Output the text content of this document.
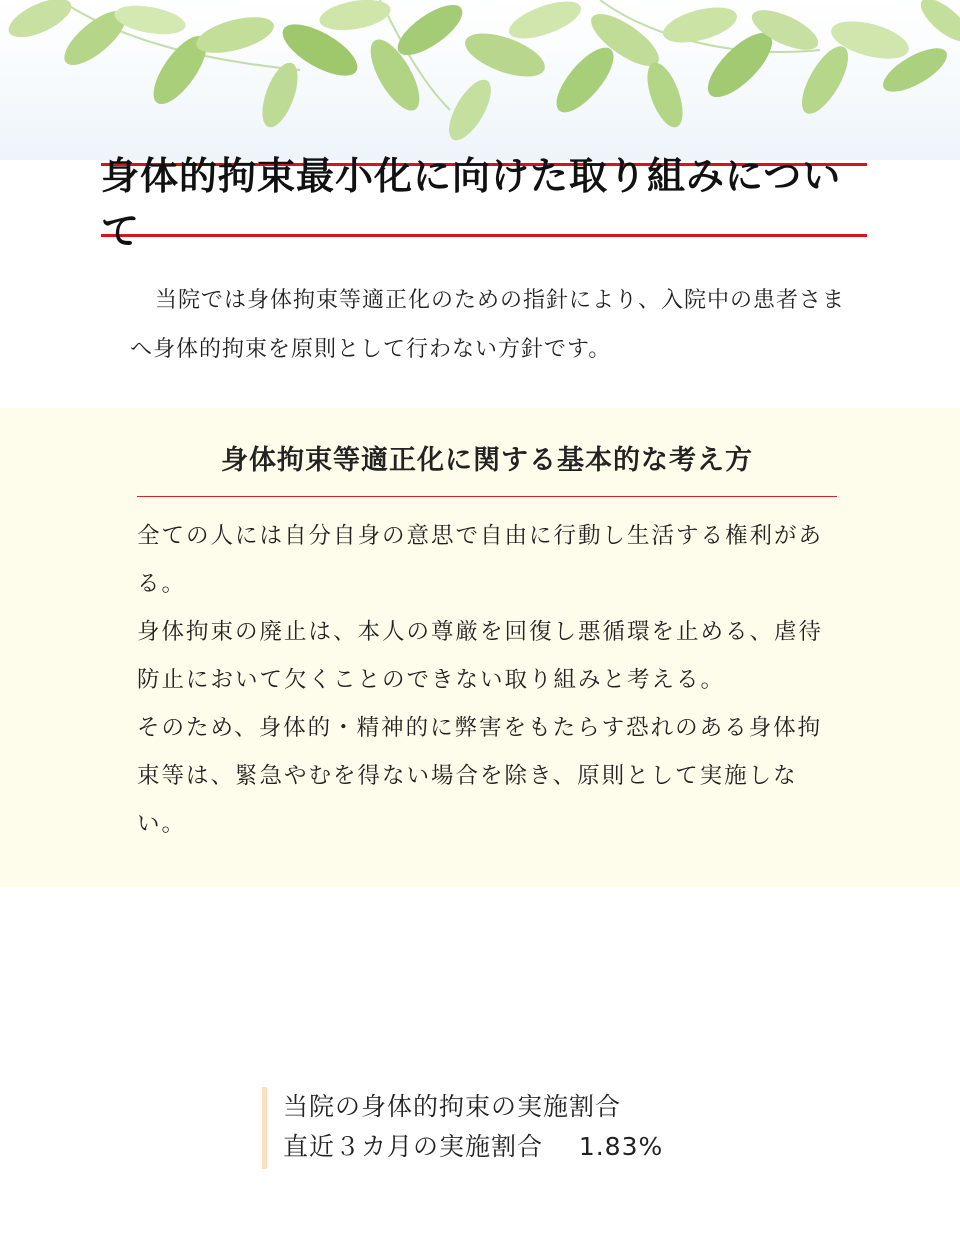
身体的拘束最小化に向けた取り組みについて

当院では身体拘束等適正化のための指針により、入院中の患者さまへ身体的拘束を原則として行わない方針です。

身体拘束等適正化に関する基本的な考え方
全ての人には自分自身の意思で自由に行動し生活する権利がある。
身体拘束の廃止は、本人の尊厳を回復し悪循環を止める、虐待防止において欠くことのできない取り組みと考える。
そのため、身体的・精神的に弊害をもたらす恐れのある身体拘束等は、緊急やむを得ない場合を除き、原則として実施しない。

当院の身体的拘束の実施割合

直近３カ月の実施割合 1.83%
